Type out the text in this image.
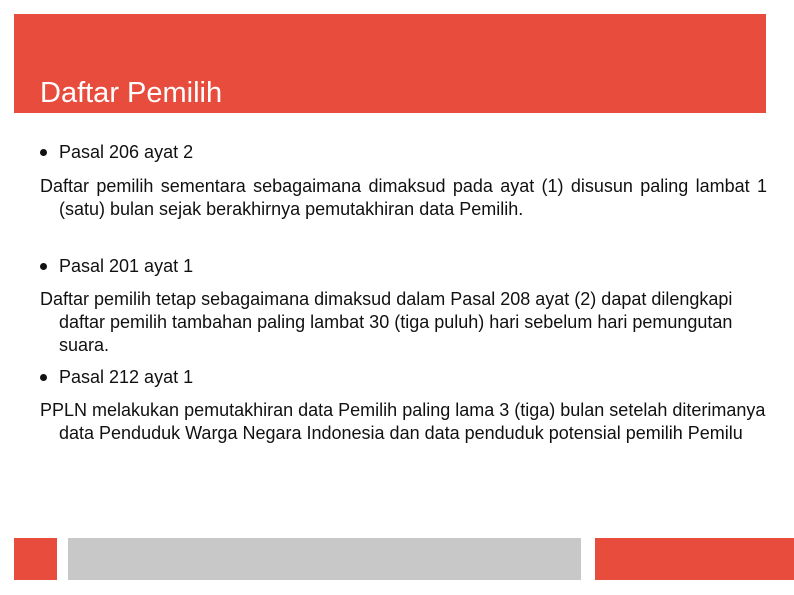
Daftar Pemilih
Pasal 206 ayat 2

Daftar pemilih sementara sebagaimana dimaksud pada ayat (1) disusun paling lambat 1 (satu) bulan sejak berakhirnya pemutakhiran data Pemilih.

Pasal 201 ayat 1

Daftar pemilih tetap sebagaimana dimaksud dalam Pasal 208 ayat (2) dapat dilengkapi daftar pemilih tambahan paling lambat 30 (tiga puluh) hari sebelum hari pemungutan suara.

Pasal 212 ayat 1

PPLN melakukan pemutakhiran data Pemilih paling lama 3 (tiga) bulan setelah diterimanya data Penduduk Warga Negara Indonesia dan data penduduk potensial pemilih Pemilu
